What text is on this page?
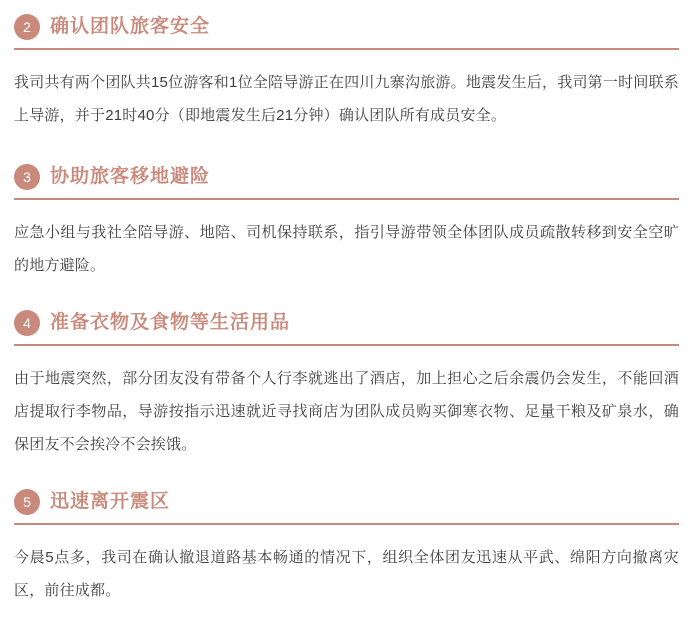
2	确认团队旅客安全
我司共有两个团队共15位游客和1位全陪导游正在四川九寨沟旅游。地震发生后，我司第一时间联系上导游，并于21时40分（即地震发生后21分钟）确认团队所有成员安全。
3	协助旅客移地避险
应急小组与我社全陪导游、地陪、司机保持联系，指引导游带领全体团队成员疏散转移到安全空旷的地方避险。
4	准备衣物及食物等生活用品
由于地震突然，部分团友没有带备个人行李就逃出了酒店，加上担心之后余震仍会发生，不能回酒店提取行李物品，导游按指示迅速就近寻找商店为团队成员购买御寒衣物、足量干粮及矿泉水，确保团友不会挨冷不会挨饿。
5	迅速离开震区
今晨5点多，我司在确认撤退道路基本畅通的情况下，组织全体团友迅速从平武、绵阳方向撤离灾区，前往成都。
